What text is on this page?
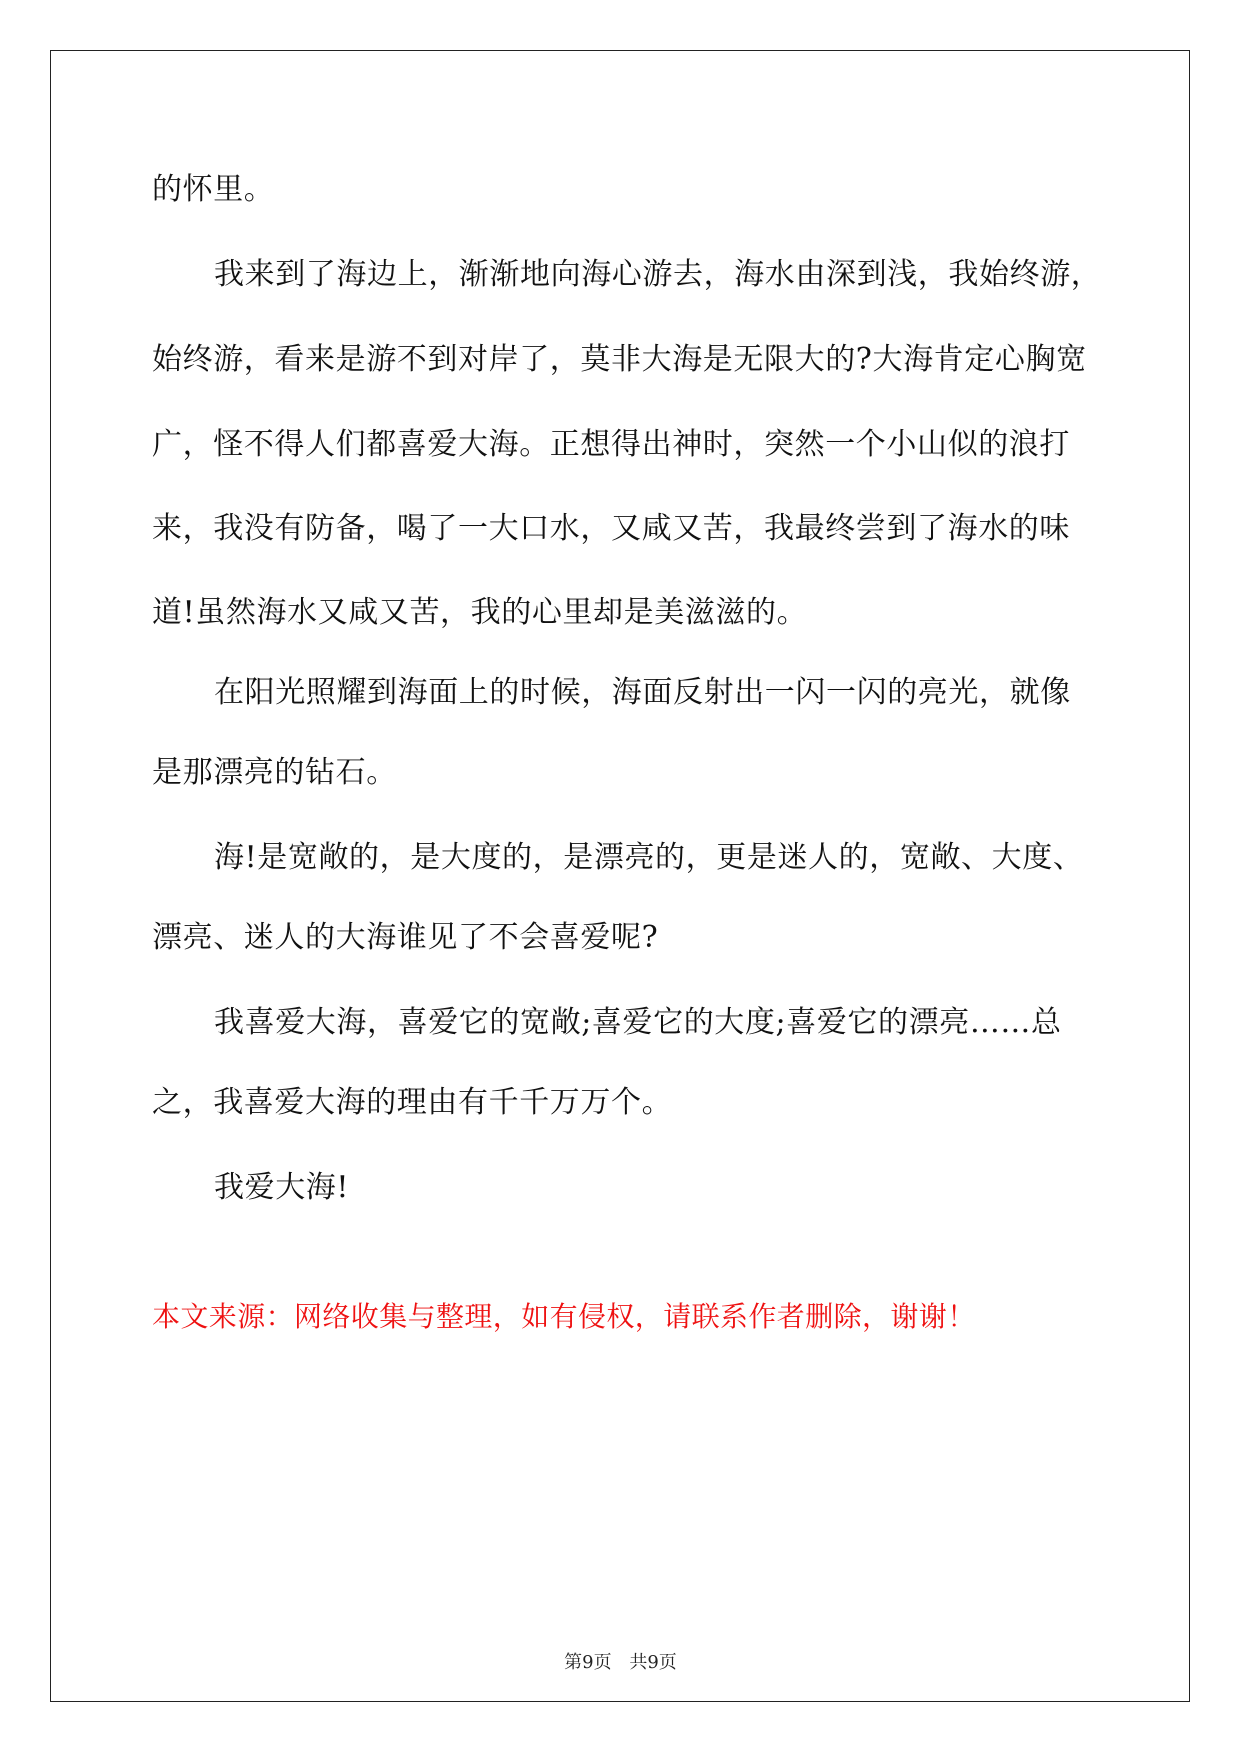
的怀里。
我来到了海边上，渐渐地向海心游去，海水由深到浅，我始终游，
始终游，看来是游不到对岸了，莫非大海是无限大的?大海肯定心胸宽
广，怪不得人们都喜爱大海。正想得出神时，突然一个小山似的浪打
来，我没有防备，喝了一大口水，又咸又苦，我最终尝到了海水的味
道!虽然海水又咸又苦，我的心里却是美滋滋的。
在阳光照耀到海面上的时候，海面反射出一闪一闪的亮光，就像
是那漂亮的钻石。
海!是宽敞的，是大度的，是漂亮的，更是迷人的，宽敞、大度、
漂亮、迷人的大海谁见了不会喜爱呢?
我喜爱大海，喜爱它的宽敞;喜爱它的大度;喜爱它的漂亮……总
之，我喜爱大海的理由有千千万万个。
我爱大海!
本文来源：网络收集与整理，如有侵权，请联系作者删除，谢谢！
第9页 共9页
